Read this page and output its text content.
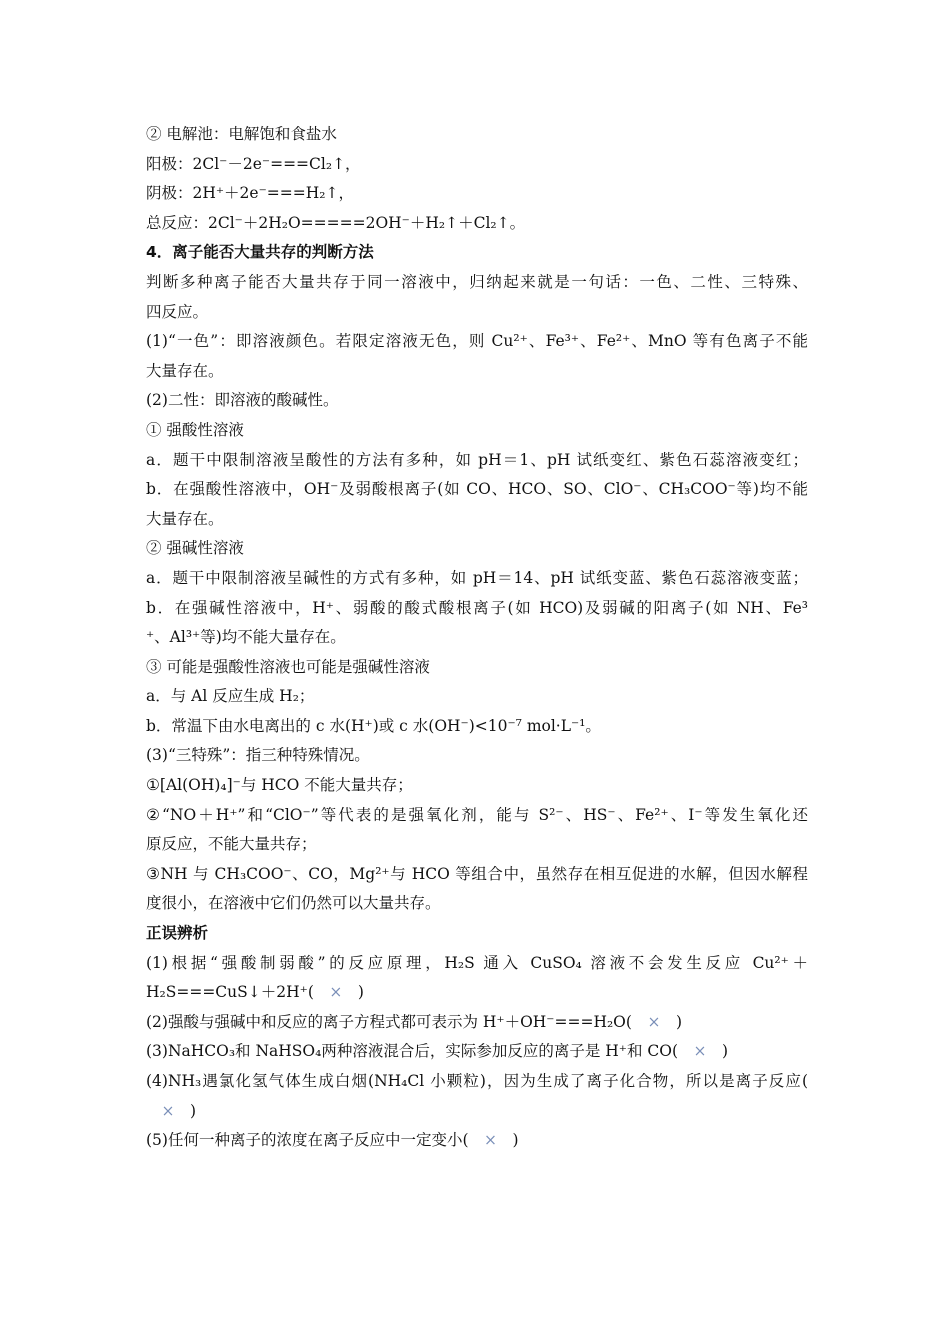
② 电解池：电解饱和食盐水
阳极：2Cl⁻－2e⁻===Cl₂↑，
阴极：2H⁺＋2e⁻===H₂↑，
总反应：2Cl⁻＋2H₂O=====2OH⁻＋H₂↑＋Cl₂↑。
4．离子能否大量共存的判断方法
判断多种离子能否大量共存于同一溶液中，归纳起来就是一句话：一色、二性、三特殊、
四反应。
(1)“一色”：即溶液颜色。若限定溶液无色，则 Cu²⁺、Fe³⁺、Fe²⁺、MnO 等有色离子不能
大量存在。
(2)二性：即溶液的酸碱性。
① 强酸性溶液
a．题干中限制溶液呈酸性的方法有多种，如 pH＝1、pH 试纸变红、紫色石蕊溶液变红；
b．在强酸性溶液中，OH⁻及弱酸根离子(如 CO、HCO、SO、ClO⁻、CH₃COO⁻等)均不能
大量存在。
② 强碱性溶液
a．题干中限制溶液呈碱性的方式有多种，如 pH＝14、pH 试纸变蓝、紫色石蕊溶液变蓝；
b．在强碱性溶液中，H⁺、弱酸的酸式酸根离子(如 HCO)及弱碱的阳离子(如 NH、Fe³
⁺、Al³⁺等)均不能大量存在。
③ 可能是强酸性溶液也可能是强碱性溶液
a．与 Al 反应生成 H₂；
b．常温下由水电离出的 c 水(H⁺)或 c 水(OH⁻)<10⁻⁷ mol·L⁻¹。
(3)“三特殊”：指三种特殊情况。
①[Al(OH)₄]⁻与 HCO 不能大量共存；
②“NO＋H⁺”和“ClO⁻”等代表的是强氧化剂，能与 S²⁻、HS⁻、Fe²⁺、I⁻等发生氧化还
原反应，不能大量共存；
③NH 与 CH₃COO⁻、CO，Mg²⁺与 HCO 等组合中，虽然存在相互促进的水解，但因水解程
度很小，在溶液中它们仍然可以大量共存。
正误辨析
(1)根据“强酸制弱酸”的反应原理，H₂S 通入 CuSO₄ 溶液不会发生反应 Cu²⁺＋
H₂S===CuS↓＋2H⁺(   ×   )
(2)强酸与强碱中和反应的离子方程式都可表示为 H⁺＋OH⁻===H₂O(   ×   )
(3)NaHCO₃和 NaHSO₄两种溶液混合后，实际参加反应的离子是 H⁺和 CO(   ×   )
(4)NH₃遇氯化氢气体生成白烟(NH₄Cl 小颗粒)，因为生成了离子化合物，所以是离子反应(
  ×   )
(5)任何一种离子的浓度在离子反应中一定变小(   ×   )
